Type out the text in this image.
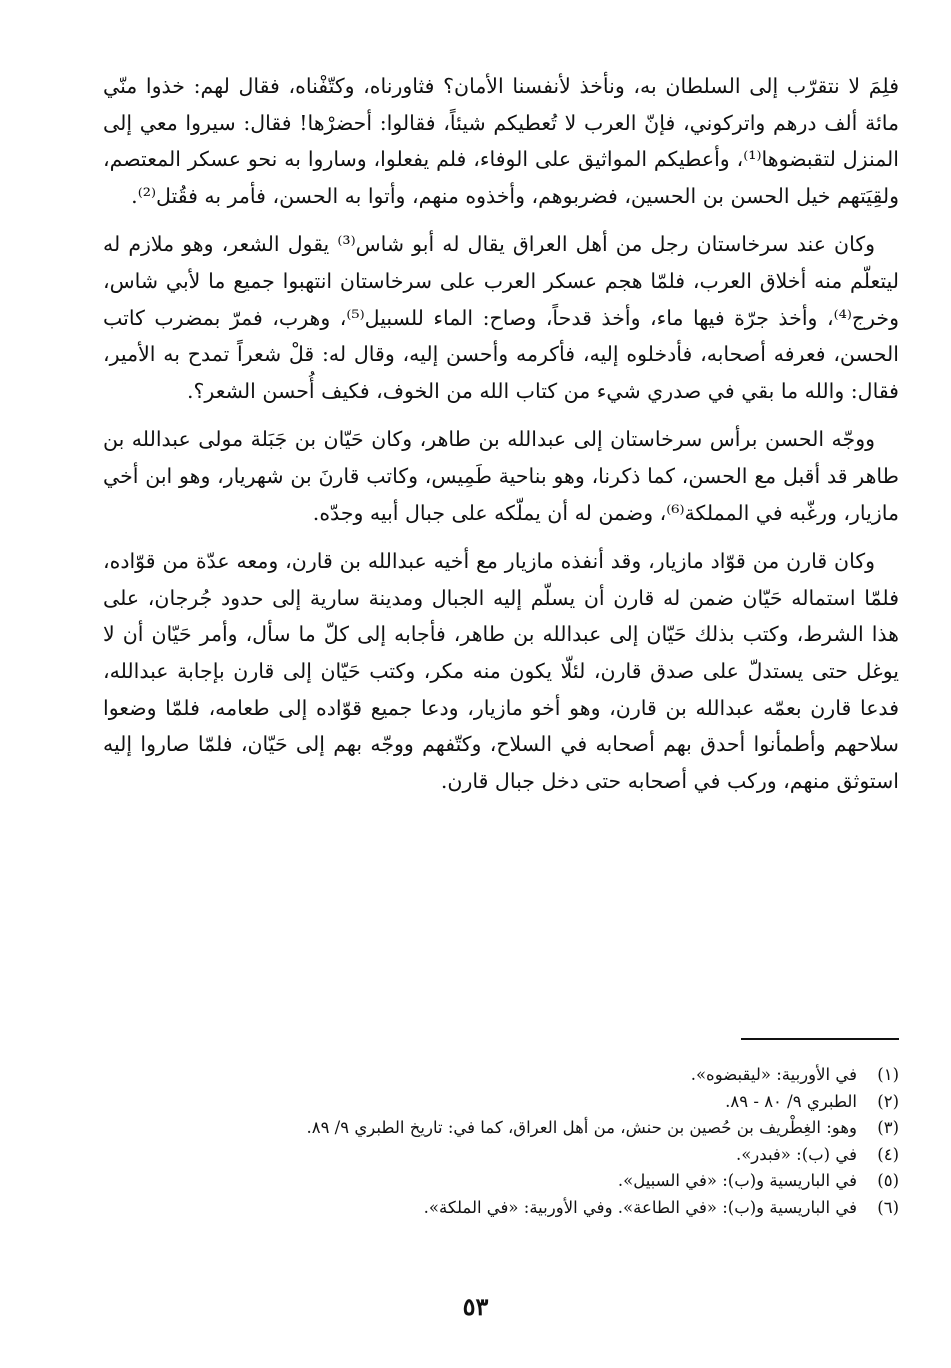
فلِمَ لا نتقرّب إلى السلطان به، ونأخذ لأنفسنا الأمان؟ فثاورناه، وكتّفْناه، فقال لهم: خذوا منّي مائة ألف درهم واتركوني، فإنّ العرب لا تُعطيكم شيئاً، فقالوا: أحضرْها! فقال: سيروا معي إلى المنزل لتقبضوها⁽¹⁾، وأعطيكم المواثيق على الوفاء، فلم يفعلوا، وساروا به نحو عسكر المعتصم، ولقِيَتهم خيل الحسن بن الحسين، فضربوهم، وأخذوه منهم، وأتوا به الحسن، فأمر به فقُتل⁽²⁾.

وكان عند سرخاستان رجل من أهل العراق يقال له أبو شاس⁽³⁾ يقول الشعر، وهو ملازم له ليتعلّم منه أخلاق العرب، فلمّا هجم عسكر العرب على سرخاستان انتهبوا جميع ما لأبي شاس، وخرج⁽⁴⁾، وأخذ جرّة فيها ماء، وأخذ قدحاً، وصاح: الماء للسبيل⁽⁵⁾، وهرب، فمرّ بمضرب كاتب الحسن، فعرفه أصحابه، فأدخلوه إليه، فأكرمه وأحسن إليه، وقال له: قلْ شعراً تمدح به الأمير، فقال: والله ما بقي في صدري شيء من كتاب الله من الخوف، فكيف أُحسن الشعر؟.

ووجّه الحسن برأس سرخاستان إلى عبدالله بن طاهر، وكان حَيّان بن جَبَلة مولى عبدالله بن طاهر قد أقبل مع الحسن، كما ذكرنا، وهو بناحية طَمِيس، وكاتب قارنَ بن شهريار، وهو ابن أخي مازيار، ورغّبه في المملكة⁽⁶⁾، وضمن له أن يملّكه على جبال أبيه وجدّه.

وكان قارن من قوّاد مازيار، وقد أنفذه مازيار مع أخيه عبدالله بن قارن، ومعه عدّة من قوّاده، فلمّا استماله حَيّان ضمن له قارن أن يسلّم إليه الجبال ومدينة سارية إلى حدود جُرجان، على هذا الشرط، وكتب بذلك حَيّان إلى عبدالله بن طاهر، فأجابه إلى كلّ ما سأل، وأمر حَيّان أن لا يوغل حتى يستدلّ على صدق قارن، لئلّا يكون منه مكر، وكتب حَيّان إلى قارن بإجابة عبدالله، فدعا قارن بعمّه عبدالله بن قارن، وهو أخو مازيار، ودعا جميع قوّاده إلى طعامه، فلمّا وضعوا سلاحهم وأطمأنوا أحدق بهم أصحابه في السلاح، وكتّفهم ووجّه بهم إلى حَيّان، فلمّا صاروا إليه استوثق منهم، وركب في أصحابه حتى دخل جبال قارن.

(١)
في الأوربية: «ليقبضوه».
(٢)
الطبري ٩/ ٨٠ - ٨٩.
(٣)
وهو: الغِطْريف بن حُصين بن حنش، من أهل العراق، كما في: تاريخ الطبري ٩/ ٨٩.
(٤)
في (ب): «فبدر».
(٥)
في الباريسية و(ب): «في السبيل».
(٦)
في الباريسية و(ب): «في الطاعة». وفي الأوربية: «في الملكة».
٥٣
